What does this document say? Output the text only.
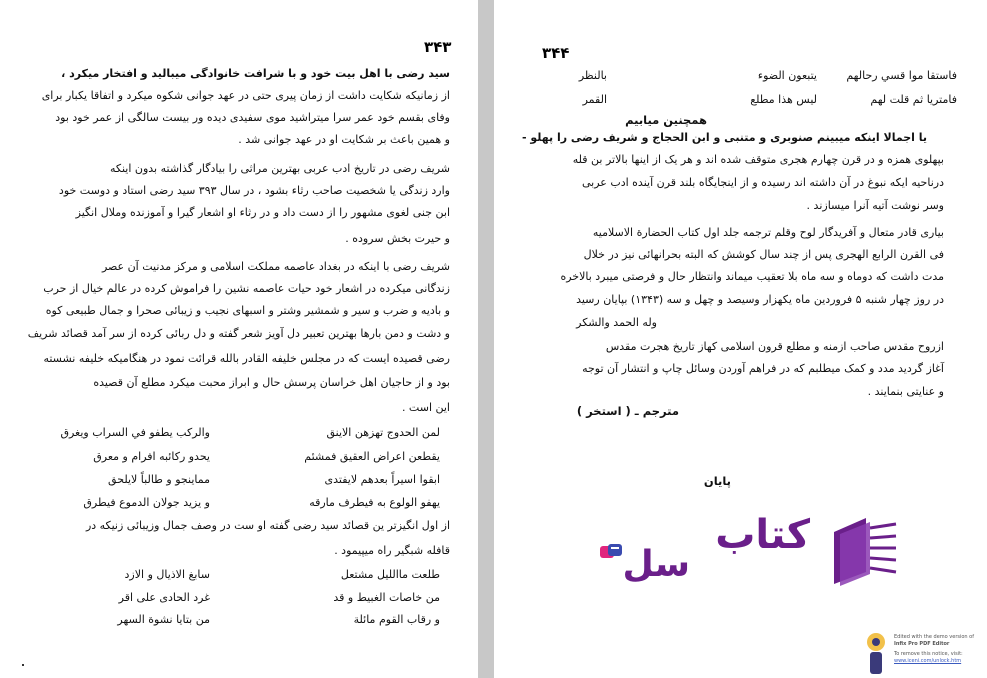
۳۴۳
سید رضی با اهل بیت خود و با شرافت خانوادگی میبالید و افتخار میکرد ،
از زمانیکه شکایت داشت از زمان پیری حتی در عهد جوانی شکوه میکرد و اتفاقا یکبار برای
وفای بقسم خود عمر سرا میتراشید موی سفیدی دیده ور بیست سالگی از عمر خود بود
و همین باعث بر شکایت او در عهد جوانی شد .
شریف رضی در تاریخ ادب عربی بهترین مراثی را بیادگار گذاشته بدون اینکه
وارد زندگی یا شخصیت صاحب رثاء بشود ، در سال ۳۹۳ سید رضی استاد و دوست خود
ابن جنی لغوی مشهور را از دست داد و در رثاء او اشعار گیرا و آموزنده وملال انگیز
و حیرت بخش سروده .
شریف رضی با اینکه در بغداد عاصمه مملکت اسلامی و مرکز مدنیت آن عصر
زندگانی میکرده در اشعار خود حیات عاصمه نشین را فراموش کرده در عالم خیال از حرب
و بادیه و ضرب و سیر و شمشیر وشتر و اسبهای نجیب و زیبائی صحرا و جمال طبیعی کوه
و دشت و دمن بارها بهترین تعبیر دل آویز شعر گفته و دل ربائی کرده از سر آمد قصائد شریف
رضی قصیده ایست که در مجلس خلیفه القادر بالله قرائت نمود در هنگامیکه خلیفه نشسته
بود و از حاجیان اهل خراسان پرسش حال و ابراز محبت میکرد مطلع آن قصیده
این است .
لمن الحدوج تهزهن الاينق
والركب يطفو في السراب ويغرق
يقطعن اعراض العقيق فمشئم
يحدو ركائبه افرام و معرق
ابقوا اسيراً بعدهم لايفتدى
مماينجو و طالباً لايلحق
يهفو الولوع به فيطرف مارقه
و يزيد جولان الدموع فيطرق
از اول انگیزتر ین قصائد سید رضی گفته او ست در وصف جمال وزیبائی زنیکه در
قافله شبگیر راه میپیمود .
طلعت ماالليل مشتعل
سابغ الاذيال و الازد
من خاصات الغبيط و قد
غرد الحادى على اقر
و رقاب القوم مائلة
من بتايا نشوة السهر
۳۴۴
فاستقا موا قسي رحالهم
يتبعون الضوء
بالنظر
فامتريا ثم قلت لهم
ليس هذا مطلع
القمر
همچنین میابیم
یا اجمالا اینکه میبینم صنوبری و متنبی و ابن الحجاج و شریف رضی را پهلو -
بپهلوی همزه و در قرن چهارم هجری متوقف شده اند و هر یک از اینها بالاتر بن قله
درناحیه ایکه نبوغ در آن داشته اند رسیده و از اینجایگاه بلند قرن آینده ادب عربی
وسر نوشت آتیه آنرا میسازند .
بیاری قادر متعال و آفریدگار لوح وقلم ترجمه جلد اول کتاب الحضارة الاسلامیه
فی القرن الرابع الهجری پس از چند سال کوشش که البته بحرانهائی نیز در خلال
مدت داشت که دوماه و سه ماه بلا تعقیب میماند وانتظار حال و فرصتی میبرد بالاخره
در روز چهار شنبه ۵ فروردین ماه یکهزار وسیصد و چهل و سه (۱۳۴۳) بپایان رسید
وله الحمد والشکر
ازروح مقدس صاحب ازمنه و مطلع قرون اسلامی کهاز تاریخ هجرت مقدس
آغاز گردید مدد و کمک میطلبم که در فراهم آوردن وسائل چاپ و انتشار آن توجه
و عنایتی بنمایند .
مترجم ـ ( استخر )
پایان
کتاب
سل
Edited with the demo version of
Infix Pro PDF Editor
To remove this notice, visit:
www.iceni.com/unlock.htm
